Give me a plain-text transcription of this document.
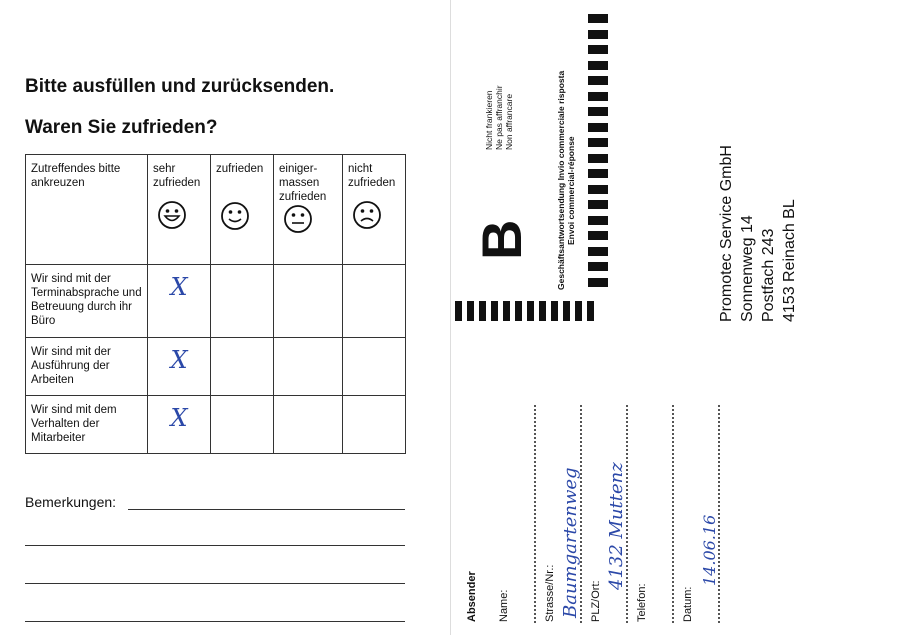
Bitte ausfüllen und zurücksenden.
Waren Sie zufrieden?
Zutreffendes bitte ankreuzen	sehr zufrieden	zufrieden	einiger-massen zufrieden	nicht zufrieden

Wir sind mit der Terminabsprache und Betreuung durch ihr Büro	X			

Wir sind mit der Ausführung der Arbeiten	X			

Wir sind mit dem Verhalten der Mitarbeiter	X			

Bemerkungen:
Nicht frankieren Ne pas affranchir Non affrancare
B	Geschäftsantwortsendung Invio commerciale risposta Envoi commercial-réponse	Promotec Service GmbH Sonnenweg 14 Postfach 243 4153 Reinach BL
Absender Name:	Strasse/Nr.: Baumgartenweg PLZ/Ort:
4132 Muttenz
Telefon:	Datum:
14.06.16
